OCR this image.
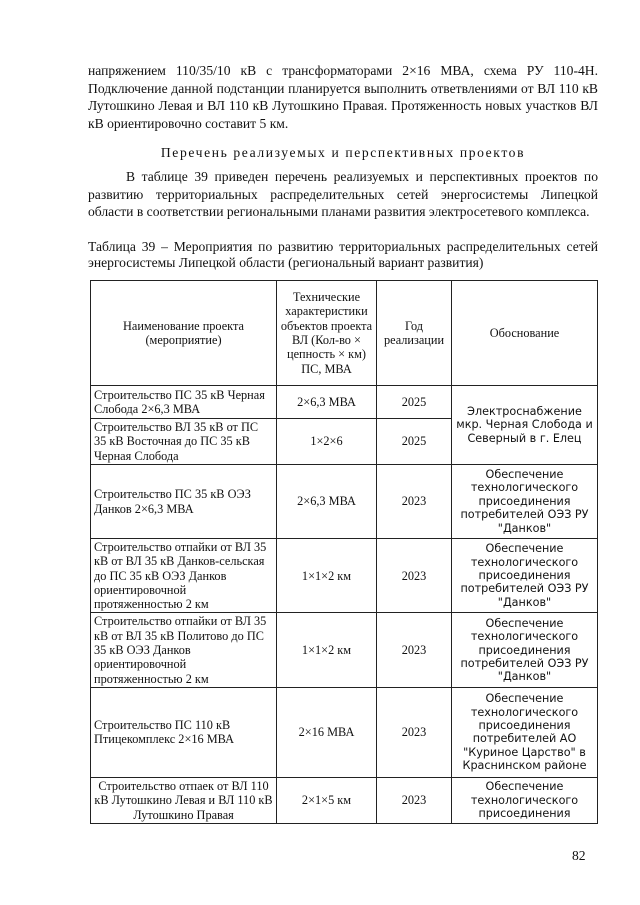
напряжением 110/35/10 кВ с трансформаторами 2×16 МВА, схема РУ 110-4Н. Подключение данной подстанции планируется выполнить ответвлениями от ВЛ 110 кВ Лутошкино Левая и ВЛ 110 кВ Лутошкино Правая. Протяженность новых участков ВЛ кВ ориентировочно составит 5 км.
Перечень реализуемых и перспективных проектов
В таблице 39 приведен перечень реализуемых и перспективных проектов по развитию территориальных распределительных сетей энергосистемы Липецкой области в соответствии региональными планами развития электросетевого комплекса.
Таблица 39 – Мероприятия по развитию территориальных распределительных сетей энергосистемы Липецкой области (региональный вариант развития)
Наименование проекта (мероприятие)	Технические характеристики объектов проекта ВЛ (Кол-во × цепность × км) ПС, МВА	Год реализации	Обоснование
Строительство ПС 35 кВ Черная Слобода 2×6,3 МВА	2×6,3 МВА	2025	Электроснабжение мкр. Черная Слобода и Северный в г. Елец
Строительство ВЛ 35 кВ от ПС 35 кВ Восточная до ПС 35 кВ Черная Слобода	1×2×6	2025	
Строительство ПС 35 кВ ОЭЗ Данков 2×6,3 МВА	2×6,3 МВА	2023	Обеспечение технологического присоединения потребителей ОЭЗ РУ "Данков"
Строительство отпайки от ВЛ 35 кВ от ВЛ 35 кВ Данков-сельская до ПС 35 кВ ОЭЗ Данков ориентировочной протяженностью 2 км	1×1×2 км	2023	Обеспечение технологического присоединения потребителей ОЭЗ РУ "Данков"
Строительство отпайки от ВЛ 35 кВ от ВЛ 35 кВ Политово до ПС 35 кВ ОЭЗ Данков ориентировочной протяженностью 2 км	1×1×2 км	2023	Обеспечение технологического присоединения потребителей ОЭЗ РУ "Данков"
Строительство ПС 110 кВ Птицекомплекс 2×16 МВА	2×16 МВА	2023	Обеспечение технологического присоединения потребителей АО "Куриное Царство" в Краснинском районе
Строительство отпаек от ВЛ 110 кВ Лутошкино Левая и ВЛ 110 кВ Лутошкино Правая	2×1×5 км	2023	Обеспечение технологического присоединения
82
